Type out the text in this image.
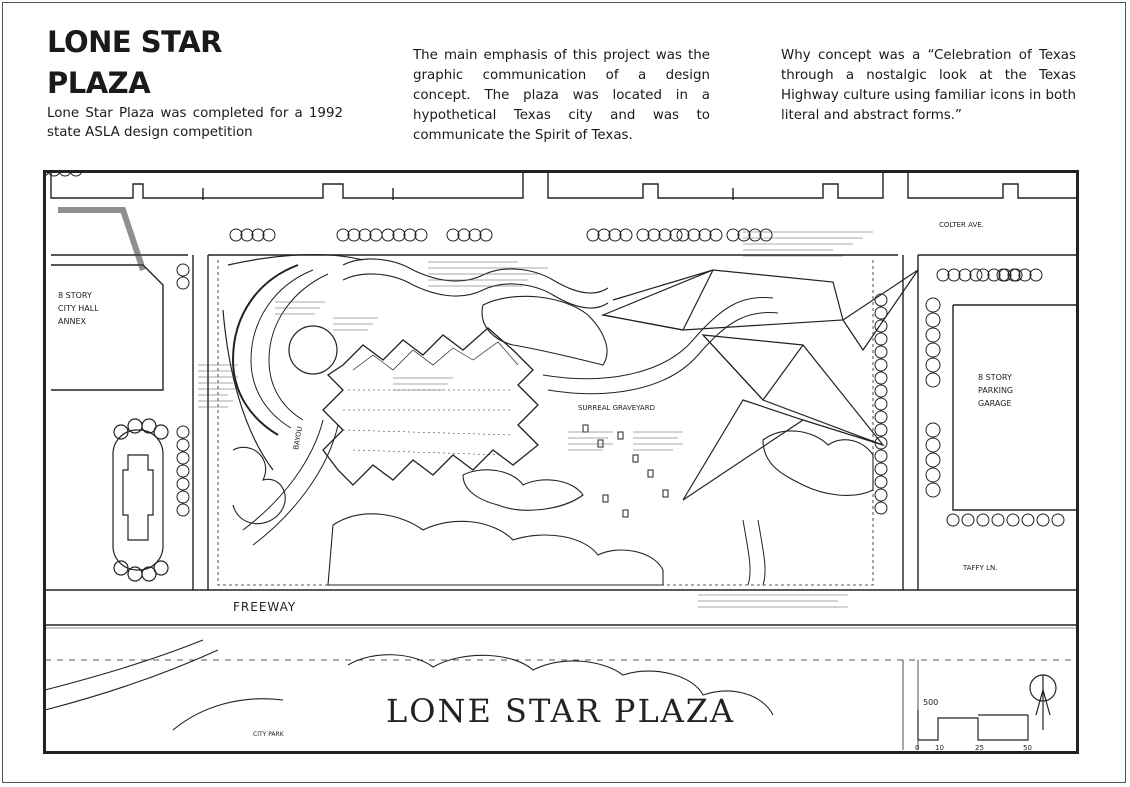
LONE STAR
PLAZA
Lone Star Plaza was completed for a 1992 state ASLA design competition
The main emphasis of this project was the graphic communication of a design concept. The plaza was located in a hypothetical Texas city and was to communicate the Spirit of Texas.
Why concept was a “Celebration of Texas through a nostalgic look at the Texas Highway culture using familiar icons in both literal and abstract forms.”
8 STORY
CITY HALL
ANNEX
8 STORY
PARKING
GARAGE
FREEWAY
COLTER AVE.
TAFFY LN.
BAYOU
CITY PARK
SURREAL GRAVEYARD
LONE STAR PLAZA	500
0 10	25	50
